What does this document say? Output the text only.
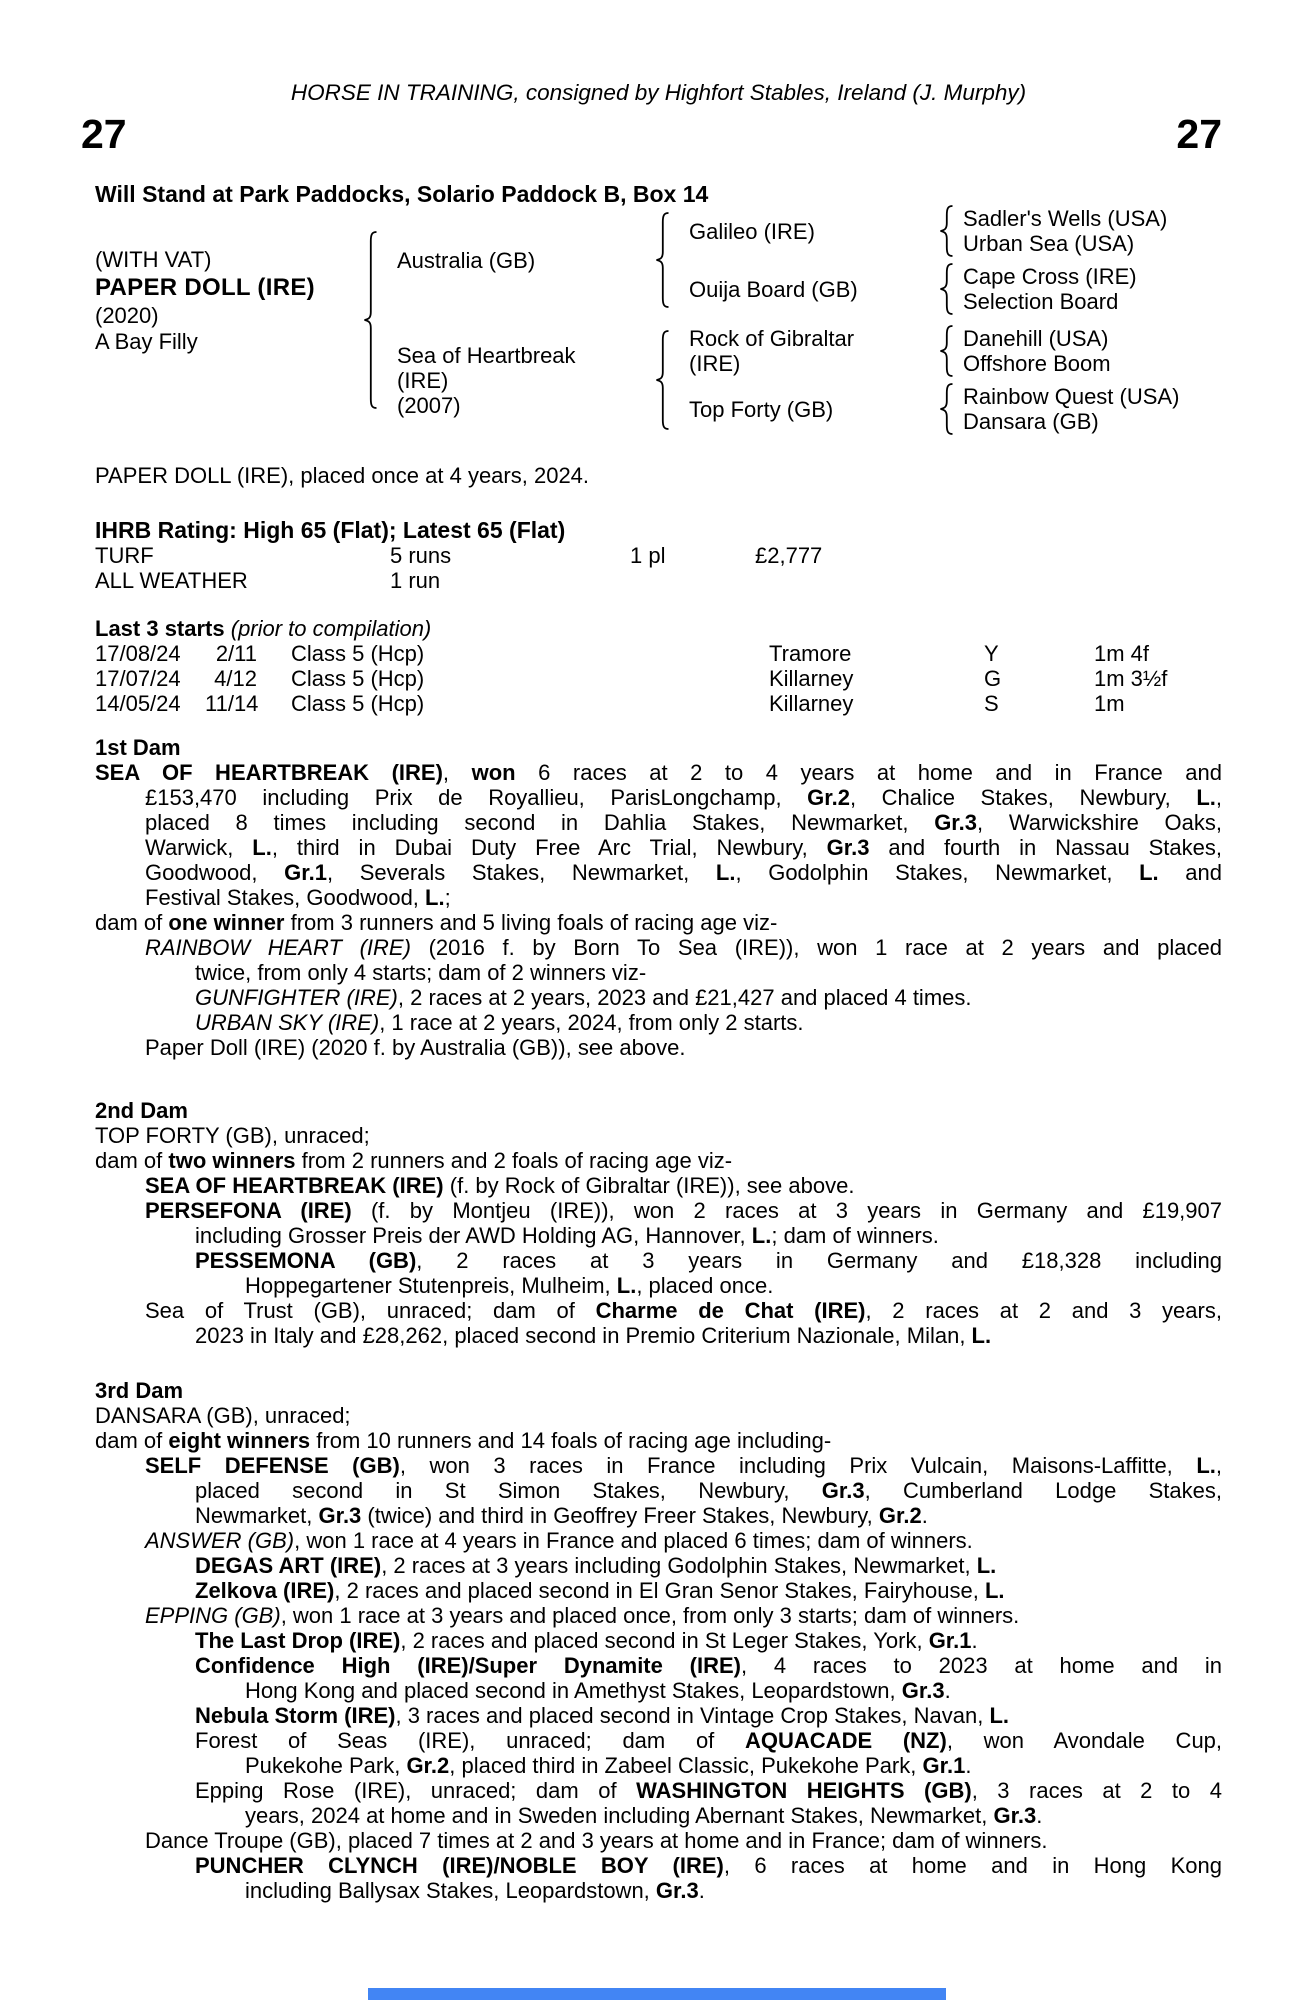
HORSE IN TRAINING, consigned by Highfort Stables, Ireland (J. Murphy)
27	27
Will Stand at Park Paddocks, Solario Paddock B, Box 14
(WITH VAT)
PAPER DOLL (IRE)
(2020)
A Bay Filly
Australia (GB)
Galileo (IRE)	Sadler's Wells (USA)
Urban Sea (USA)
Ouija Board (GB)	Cape Cross (IRE)
Selection Board
Sea of Heartbreak
(IRE)
(2007)
Rock of Gibraltar
(IRE)
Danehill (USA)
Offshore Boom
Top Forty (GB)	Rainbow Quest (USA)
Dansara (GB)
PAPER DOLL (IRE), placed once at 4 years, 2024.
IHRB Rating: High 65 (Flat); Latest 65 (Flat)
TURF	5 runs	1 pl	£2,777
ALL WEATHER	1 run
Last 3 starts (prior to compilation)
17/08/24	2/11	Class 5 (Hcp)	Tramore	Y	1m 4f
17/07/24	4/12	Class 5 (Hcp)	Killarney	G	1m 3½f
14/05/24	11/14	Class 5 (Hcp)	Killarney	S	1m
1st Dam
SEA OF HEARTBREAK (IRE), won 6 races at 2 to 4 years at home and in France and
£153,470 including Prix de Royallieu, ParisLongchamp, Gr.2, Chalice Stakes, Newbury, L.,
placed 8 times including second in Dahlia Stakes, Newmarket, Gr.3, Warwickshire Oaks,
Warwick, L., third in Dubai Duty Free Arc Trial, Newbury, Gr.3 and fourth in Nassau Stakes,
Goodwood, Gr.1, Severals Stakes, Newmarket, L., Godolphin Stakes, Newmarket, L. and
Festival Stakes, Goodwood, L.;
dam of one winner from 3 runners and 5 living foals of racing age viz-
RAINBOW HEART (IRE) (2016 f. by Born To Sea (IRE)), won 1 race at 2 years and placed
twice, from only 4 starts; dam of 2 winners viz-
GUNFIGHTER (IRE), 2 races at 2 years, 2023 and £21,427 and placed 4 times.
URBAN SKY (IRE), 1 race at 2 years, 2024, from only 2 starts.
Paper Doll (IRE) (2020 f. by Australia (GB)), see above.
2nd Dam
TOP FORTY (GB), unraced;
dam of two winners from 2 runners and 2 foals of racing age viz-
SEA OF HEARTBREAK (IRE) (f. by Rock of Gibraltar (IRE)), see above.
PERSEFONA (IRE) (f. by Montjeu (IRE)), won 2 races at 3 years in Germany and £19,907
including Grosser Preis der AWD Holding AG, Hannover, L.; dam of winners.
PESSEMONA (GB), 2 races at 3 years in Germany and £18,328 including
Hoppegartener Stutenpreis, Mulheim, L., placed once.
Sea of Trust (GB), unraced; dam of Charme de Chat (IRE), 2 races at 2 and 3 years,
2023 in Italy and £28,262, placed second in Premio Criterium Nazionale, Milan, L.
3rd Dam
DANSARA (GB), unraced;
dam of eight winners from 10 runners and 14 foals of racing age including-
SELF DEFENSE (GB), won 3 races in France including Prix Vulcain, Maisons-Laffitte, L.,
placed second in St Simon Stakes, Newbury, Gr.3, Cumberland Lodge Stakes,
Newmarket, Gr.3 (twice) and third in Geoffrey Freer Stakes, Newbury, Gr.2.
ANSWER (GB), won 1 race at 4 years in France and placed 6 times; dam of winners.
DEGAS ART (IRE), 2 races at 3 years including Godolphin Stakes, Newmarket, L.
Zelkova (IRE), 2 races and placed second in El Gran Senor Stakes, Fairyhouse, L.
EPPING (GB), won 1 race at 3 years and placed once, from only 3 starts; dam of winners.
The Last Drop (IRE), 2 races and placed second in St Leger Stakes, York, Gr.1.
Confidence High (IRE)/Super Dynamite (IRE), 4 races to 2023 at home and in
Hong Kong and placed second in Amethyst Stakes, Leopardstown, Gr.3.
Nebula Storm (IRE), 3 races and placed second in Vintage Crop Stakes, Navan, L.
Forest of Seas (IRE), unraced; dam of AQUACADE (NZ), won Avondale Cup,
Pukekohe Park, Gr.2, placed third in Zabeel Classic, Pukekohe Park, Gr.1.
Epping Rose (IRE), unraced; dam of WASHINGTON HEIGHTS (GB), 3 races at 2 to 4
years, 2024 at home and in Sweden including Abernant Stakes, Newmarket, Gr.3.
Dance Troupe (GB), placed 7 times at 2 and 3 years at home and in France; dam of winners.
PUNCHER CLYNCH (IRE)/NOBLE BOY (IRE), 6 races at home and in Hong Kong
including Ballysax Stakes, Leopardstown, Gr.3.
